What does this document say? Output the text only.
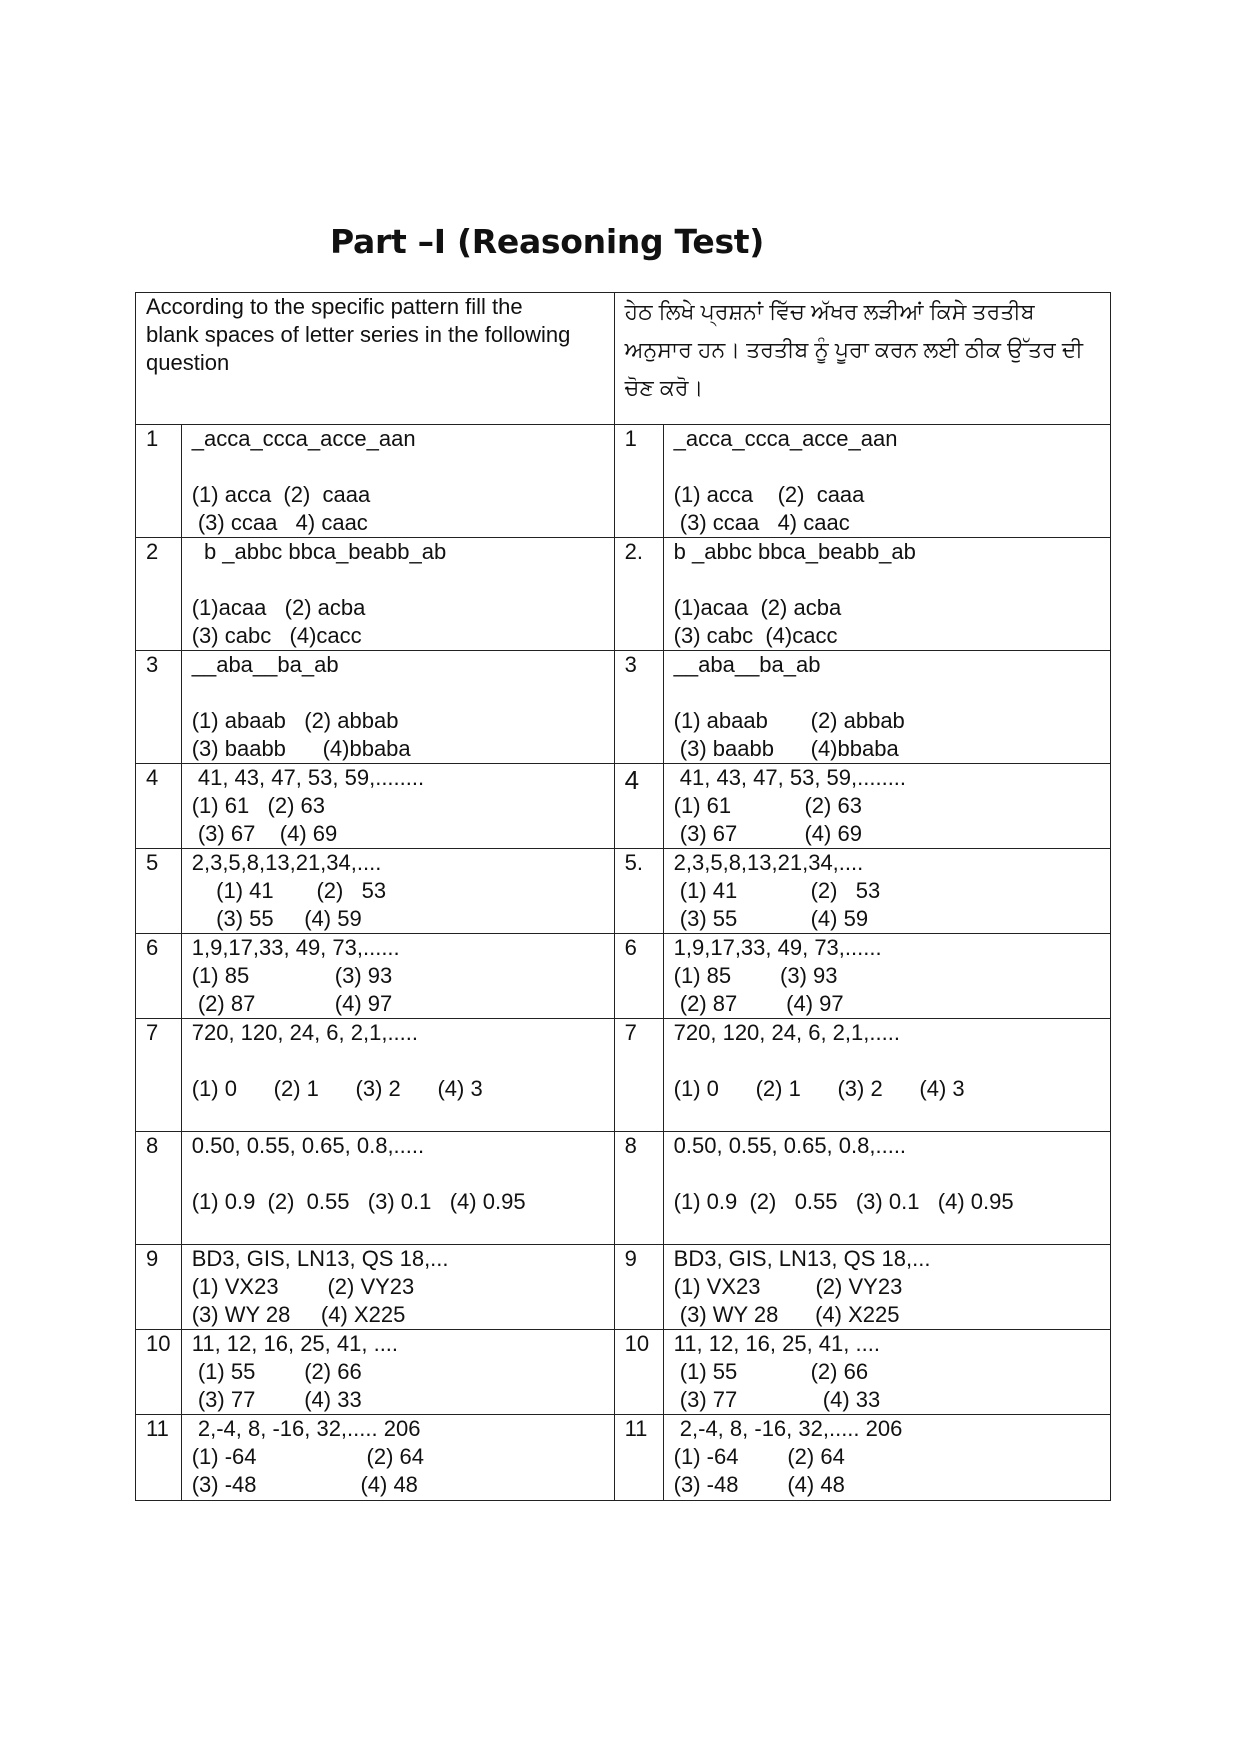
Part –I (Reasoning Test)
According to the specific pattern fill the blank spaces of letter series in the following question		ਹੇਠ ਲਿਖੇ ਪ੍ਰਸ਼ਨਾਂ ਵਿੱਚ ਅੱਖਰ ਲੜੀਆਂ ਕਿਸੇ ਤਰਤੀਬ ਅਨੁਸਾਰ ਹਨ। ਤਰਤੀਬ ਨੂੰ ਪੂਰਾ ਕਰਨ ਲਈ ਠੀਕ ਉੱਤਰ ਦੀ ਚੋਣ ਕਰੋ।	
1	_acca_ccca_acce_aan
(1) acca  (2)  caaa
(3) ccaa   4) caac	1	_acca_ccca_acce_aan
(1) acca    (2)  caaa
(3) ccaa   4) caac

2	b _abbc bbca_beabb_ab
(1)acaa   (2) acba
(3) cabc   (4)cacc	2.	b _abbc bbca_beabb_ab
(1)acaa  (2) acba
(3) cabc  (4)cacc

3	__aba__ba_ab
(1) abaab   (2) abbab
(3) baabb      (4)bbaba	3	__aba__ba_ab
(1) abaab       (2) abbab
(3) baabb      (4)bbaba

4	41, 43, 47, 53, 59,........
(1) 61   (2) 63
(3) 67    (4) 69	4	41, 43, 47, 53, 59,........
(1) 61            (2) 63
(3) 67           (4) 69

5	2,3,5,8,13,21,34,....
(1) 41       (2)   53
(3) 55     (4) 59	5.	2,3,5,8,13,21,34,....
(1) 41            (2)   53
(3) 55            (4) 59

6	1,9,17,33, 49, 73,......
(1) 85              (3) 93
(2) 87             (4) 97	6	1,9,17,33, 49, 73,......
(1) 85        (3) 93
(2) 87        (4) 97

7	720, 120, 24, 6, 2,1,.....
(1) 0      (2) 1      (3) 2      (4) 3	7	720, 120, 24, 6, 2,1,.....
(1) 0      (2) 1      (3) 2      (4) 3

8	0.50, 0.55, 0.65, 0.8,.....
(1) 0.9  (2)  0.55   (3) 0.1   (4) 0.95	8	0.50, 0.55, 0.65, 0.8,.....
(1) 0.9  (2)   0.55   (3) 0.1   (4) 0.95

9	BD3, GIS, LN13, QS 18,...
(1) VX23        (2) VY23
(3) WY 28     (4) X225	9	BD3, GIS, LN13, QS 18,...
(1) VX23         (2) VY23
(3) WY 28      (4) X225

10	11, 12, 16, 25, 41, ....
(1) 55        (2) 66
(3) 77        (4) 33	10	11, 12, 16, 25, 41, ....
(1) 55            (2) 66
(3) 77              (4) 33

11	2,-4, 8, -16, 32,..... 206
(1) -64                  (2) 64
(3) -48                 (4) 48	11	2,-4, 8, -16, 32,..... 206
(1) -64        (2) 64
(3) -48        (4) 48
